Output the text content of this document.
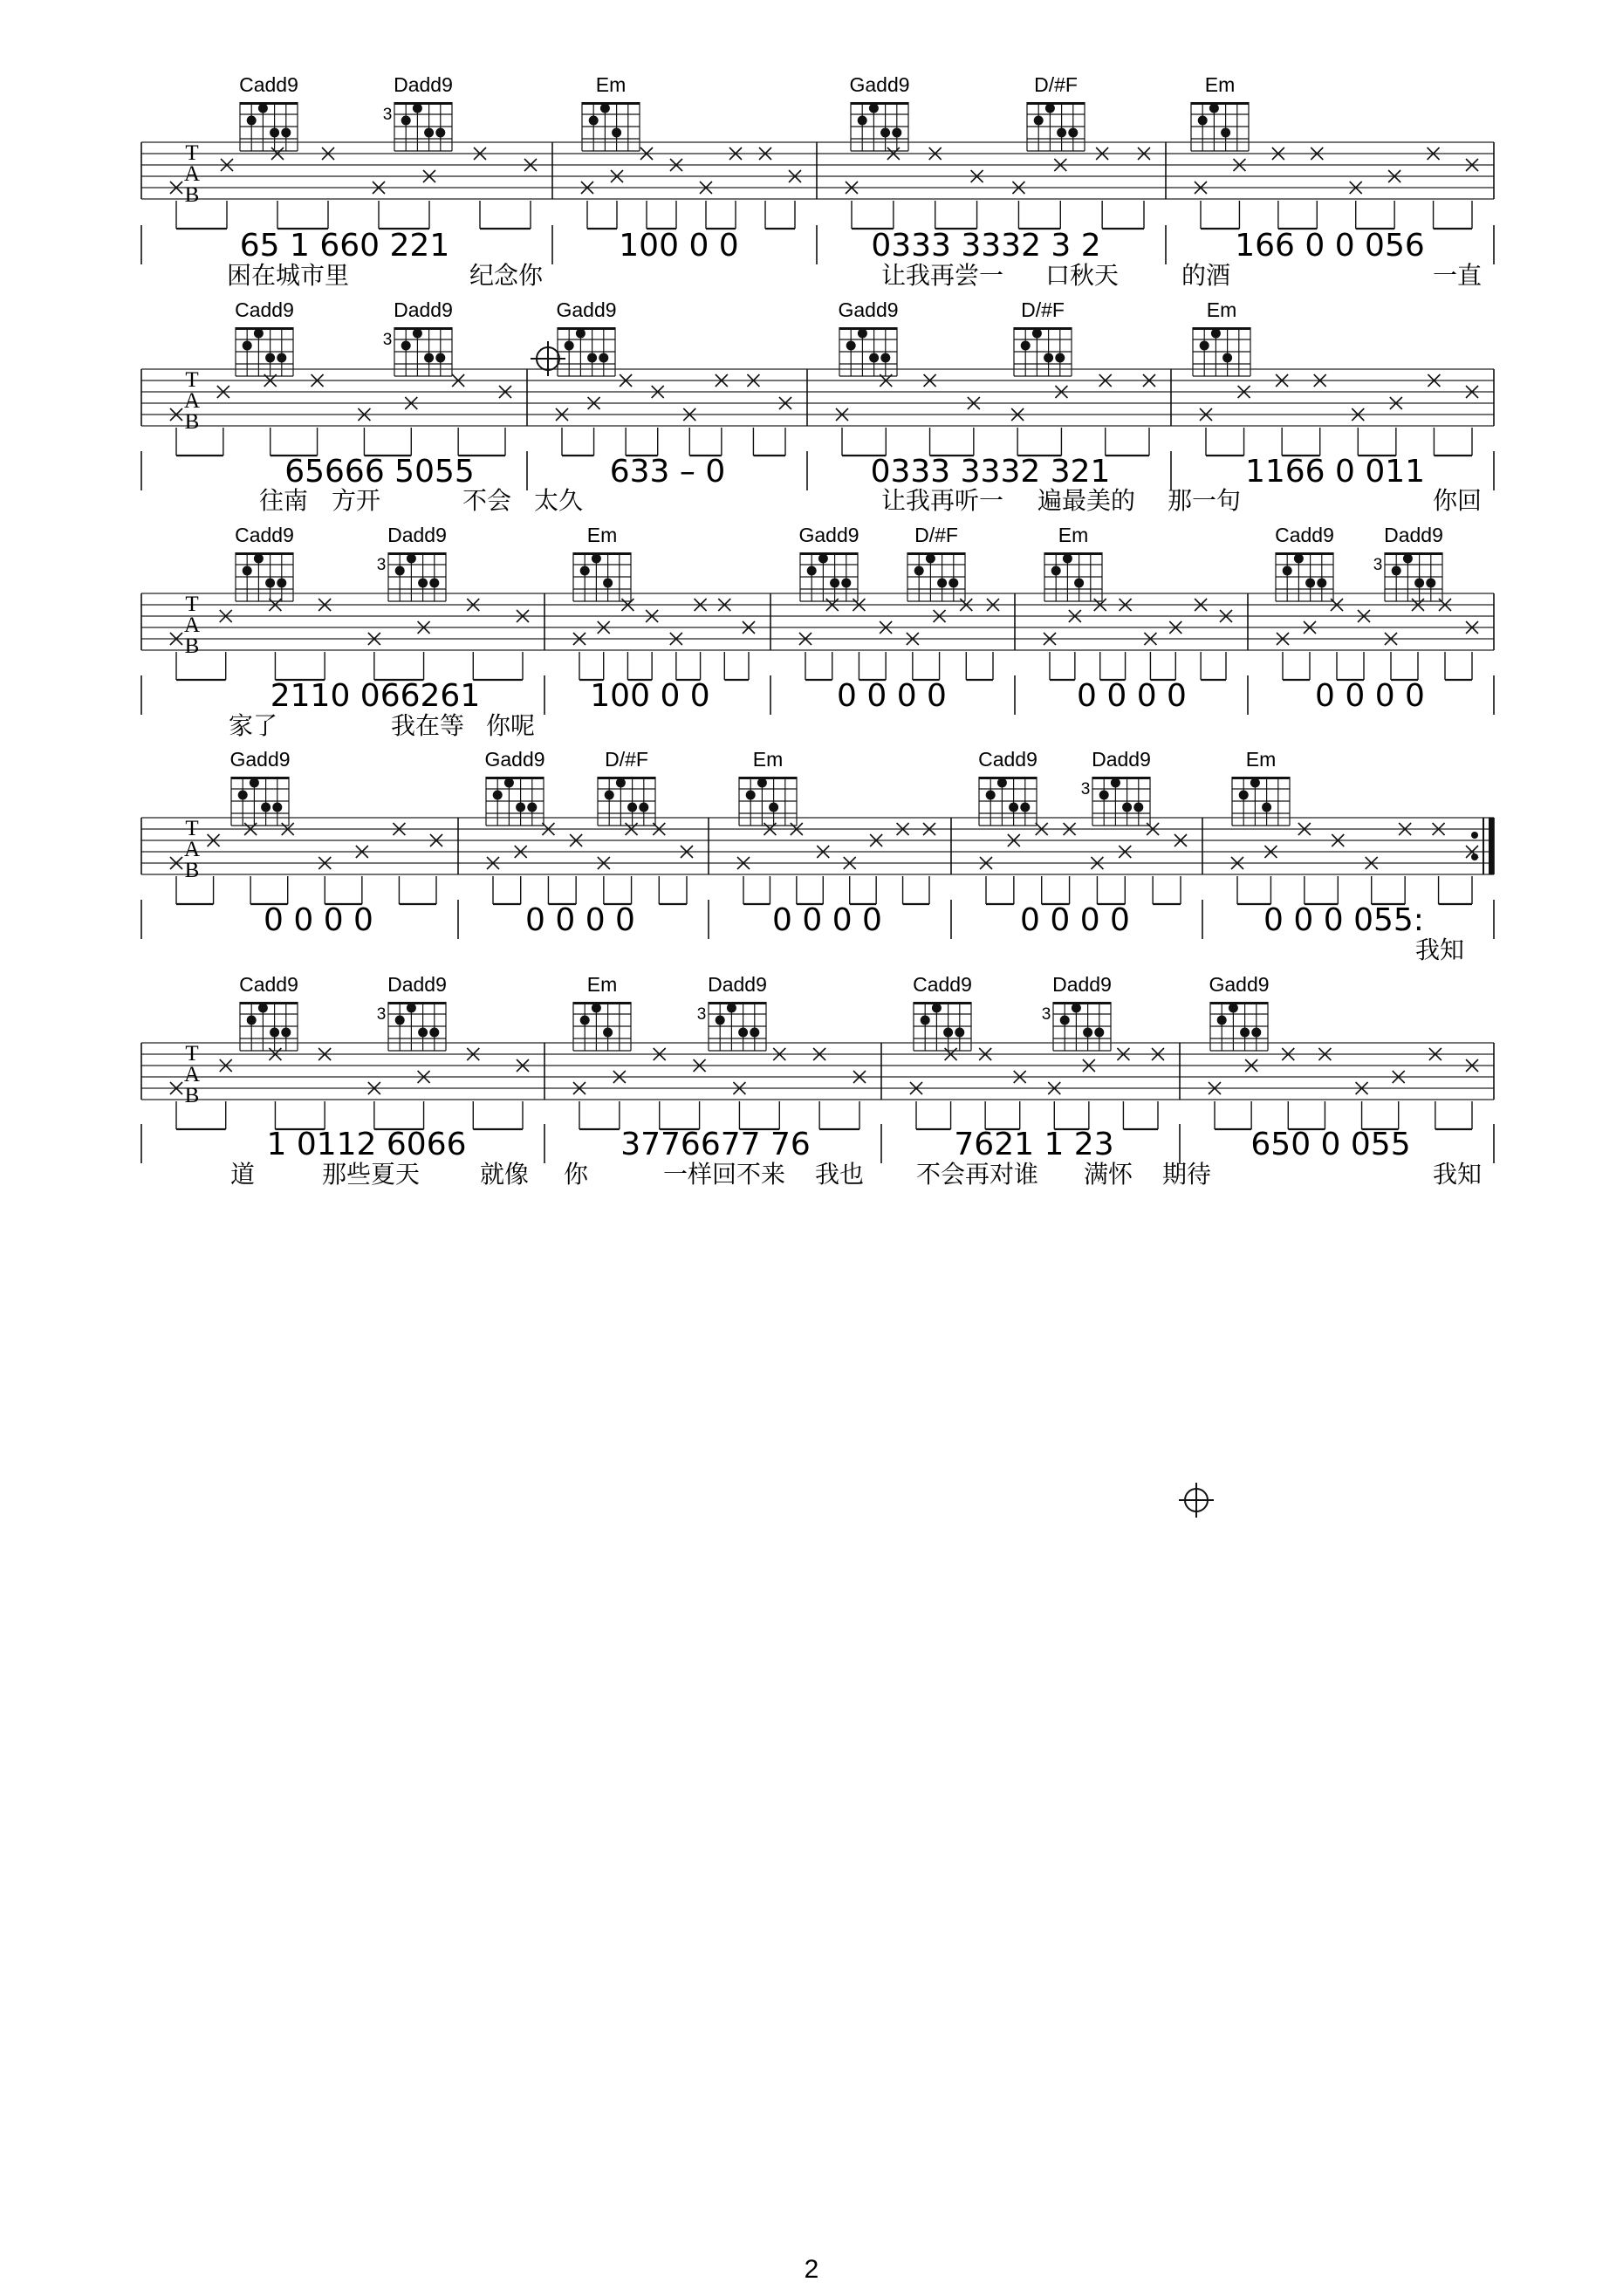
Cadd9	Dadd9
3
Em	Gadd9	D/#F	Em
T
A
B
65 1 660 221	100 0 0	0333 3332 3 2	166 0 0 056
困在城市里	纪念你	让我再尝一 口秋天	的酒	一直
Cadd9	Dadd9
3
Gadd9	Gadd9	D/#F	Em
T
A
B
65666 5055	633 – 0	0333 3332 321	1166 0 011
往南 方开	不会 太久	让我再听一 遍最美的 那一句	你回
Cadd9	Dadd9
3
Em	Gadd9	D/#F	Em	Cadd9 Dadd9
3
T
A
B
2110 066261	100 0 0	0 0 0 0	0 0 0 0	0 0 0 0
家了	我在等 你呢
Gadd9	Gadd9	D/#F	Em	Cadd9	Dadd9
3
Em
T
A
B
0 0 0 0	0 0 0 0	0 0 0 0	0 0 0 0	0 0 0 055:
我知
Cadd9	Dadd9
3
Em	Dadd9
3
Cadd9	Dadd9
3
Gadd9
T
A
B
1 0112 6066	3776677 76	7621 1 23	650 0 055
道	那些夏天 就像 你	一样回不来 我也 不会再对谁 满怀 期待	我知
2
